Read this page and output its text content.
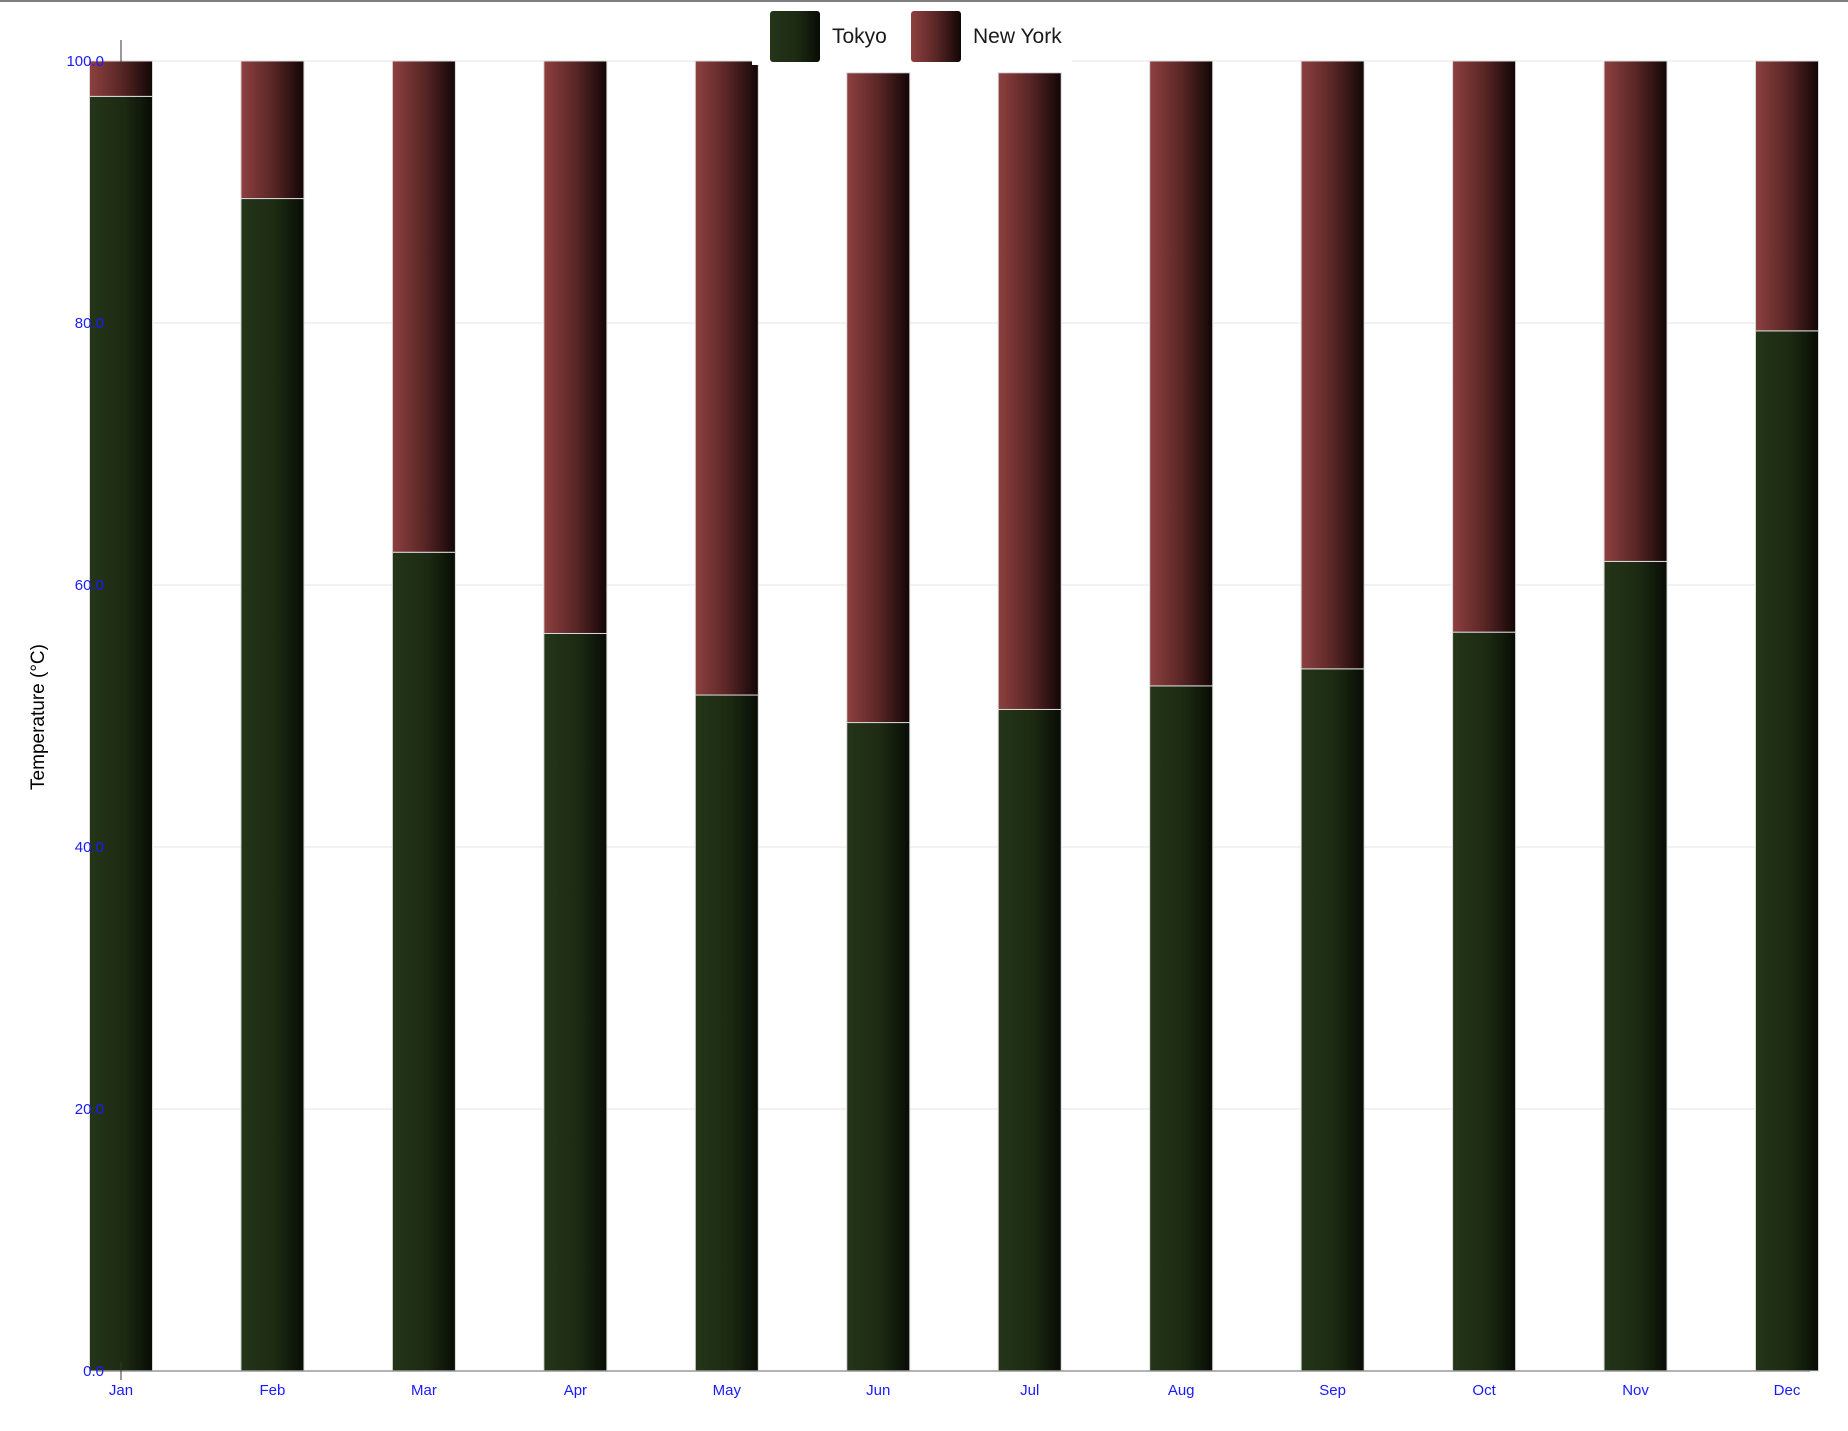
0.0
20.0
40.0
60.0
80.0
100.0
Jan	Feb	Mar	Apr	May	Jun	Jul	Aug	Sep	Oct	Nov	Dec
Temperature (°C)
Tokyo	New York
